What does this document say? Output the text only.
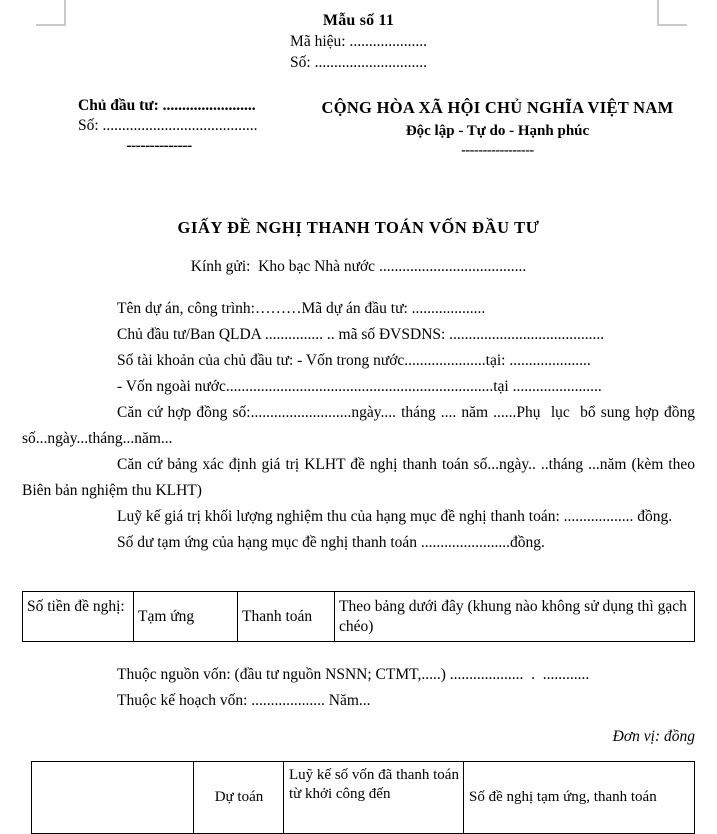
Mẫu số 11
Mã hiệu: ....................
Số: .............................
Chủ đầu tư: ........................
Số: ........................................
--------------
CỘNG HÒA XÃ HỘI CHỦ NGHĨA VIỆT NAM
Độc lập - Tự do - Hạnh phúc
-----------------
GIẤY ĐỀ NGHỊ THANH TOÁN VỐN ĐẦU TƯ
Kính gửi:  Kho bạc Nhà nước ......................................

Tên dự án, công trình:………Mã dự án đầu tư: ...................

Chủ đầu tư/Ban QLDA ............... .. mã số ĐVSDNS: ........................................

Số tài khoản của chủ đầu tư: - Vốn trong nước.....................tại: .....................

- Vốn ngoài nước.....................................................................tại .......................

Căn cứ hợp đồng số:..........................ngày.... tháng .... năm ......Phụ  lục  bổ sung hợp đồng số...ngày...tháng...năm...

Căn cứ bảng xác định giá trị KLHT đề nghị thanh toán số...ngày.. ..tháng ...năm (kèm theo Biên bản nghiệm thu KLHT)

Luỹ kế giá trị khối lượng nghiệm thu của hạng mục đề nghị thanh toán: .................. đồng.

Số dư tạm ứng của hạng mục đề nghị thanh toán .......................đồng.

Số tiền đề nghị:	Tạm ứng	Thanh toán	Theo bảng dưới đây (khung nào không sử dụng thì gạch chéo)

Thuộc nguồn vốn: (đầu tư nguồn NSNN; CTMT,.....) ...................  .  ............

Thuộc kế hoạch vốn: ................... Năm...

Đơn vị: đồng
	Dự toán	Luỹ kế số vốn đã thanh toán từ khởi công đến	Số đề nghị tạm ứng, thanh toán
